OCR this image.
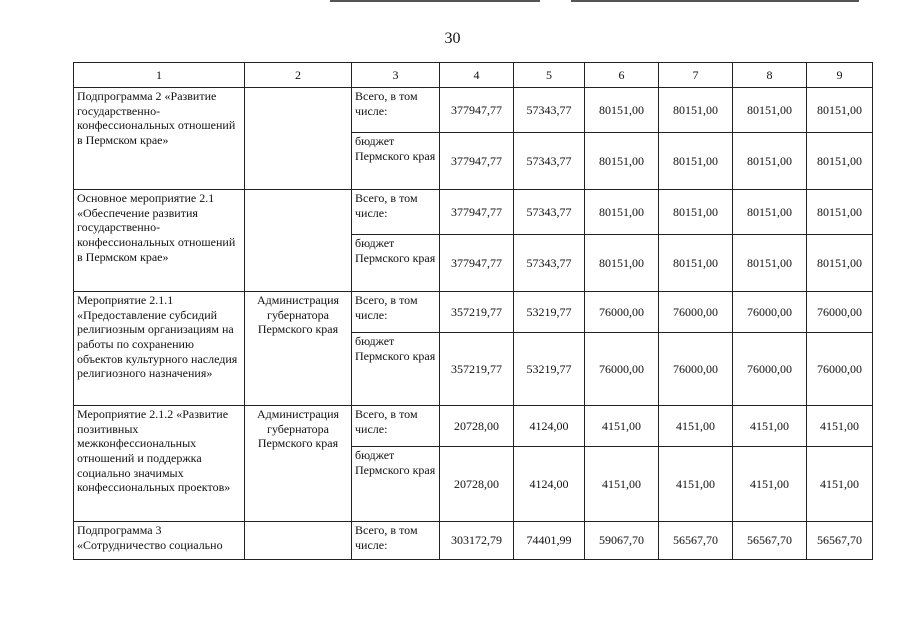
30
1	2	3	4	5	6	7	8	9
Подпрограмма 2 «Развитие государственно-конфессиональных отношений в Пермском крае»		Всего, в том числе:	377947,77	57343,77	80151,00	80151,00	80151,00	80151,00
		бюджет Пермского края	377947,77	57343,77	80151,00	80151,00	80151,00	80151,00
Основное мероприятие 2.1 «Обеспечение развития государственно-конфессиональных отношений в Пермском крае»		Всего, в том числе:	377947,77	57343,77	80151,00	80151,00	80151,00	80151,00
		бюджет Пермского края	377947,77	57343,77	80151,00	80151,00	80151,00	80151,00
Мероприятие 2.1.1 «Предоставление субсидий религиозным организациям на работы по сохранению объектов культурного наследия религиозного назначения»	Администрация губернатора Пермского края	Всего, в том числе:	357219,77	53219,77	76000,00	76000,00	76000,00	76000,00
		бюджет Пермского края	357219,77	53219,77	76000,00	76000,00	76000,00	76000,00
Мероприятие 2.1.2 «Развитие позитивных межконфессиональных отношений и поддержка социально значимых конфессиональных проектов»	Администрация губернатора Пермского края	Всего, в том числе:	20728,00	4124,00	4151,00	4151,00	4151,00	4151,00
		бюджет Пермского края	20728,00	4124,00	4151,00	4151,00	4151,00	4151,00
Подпрограмма 3 «Сотрудничество социально		Всего, в том числе:	303172,79	74401,99	59067,70	56567,70	56567,70	56567,70
